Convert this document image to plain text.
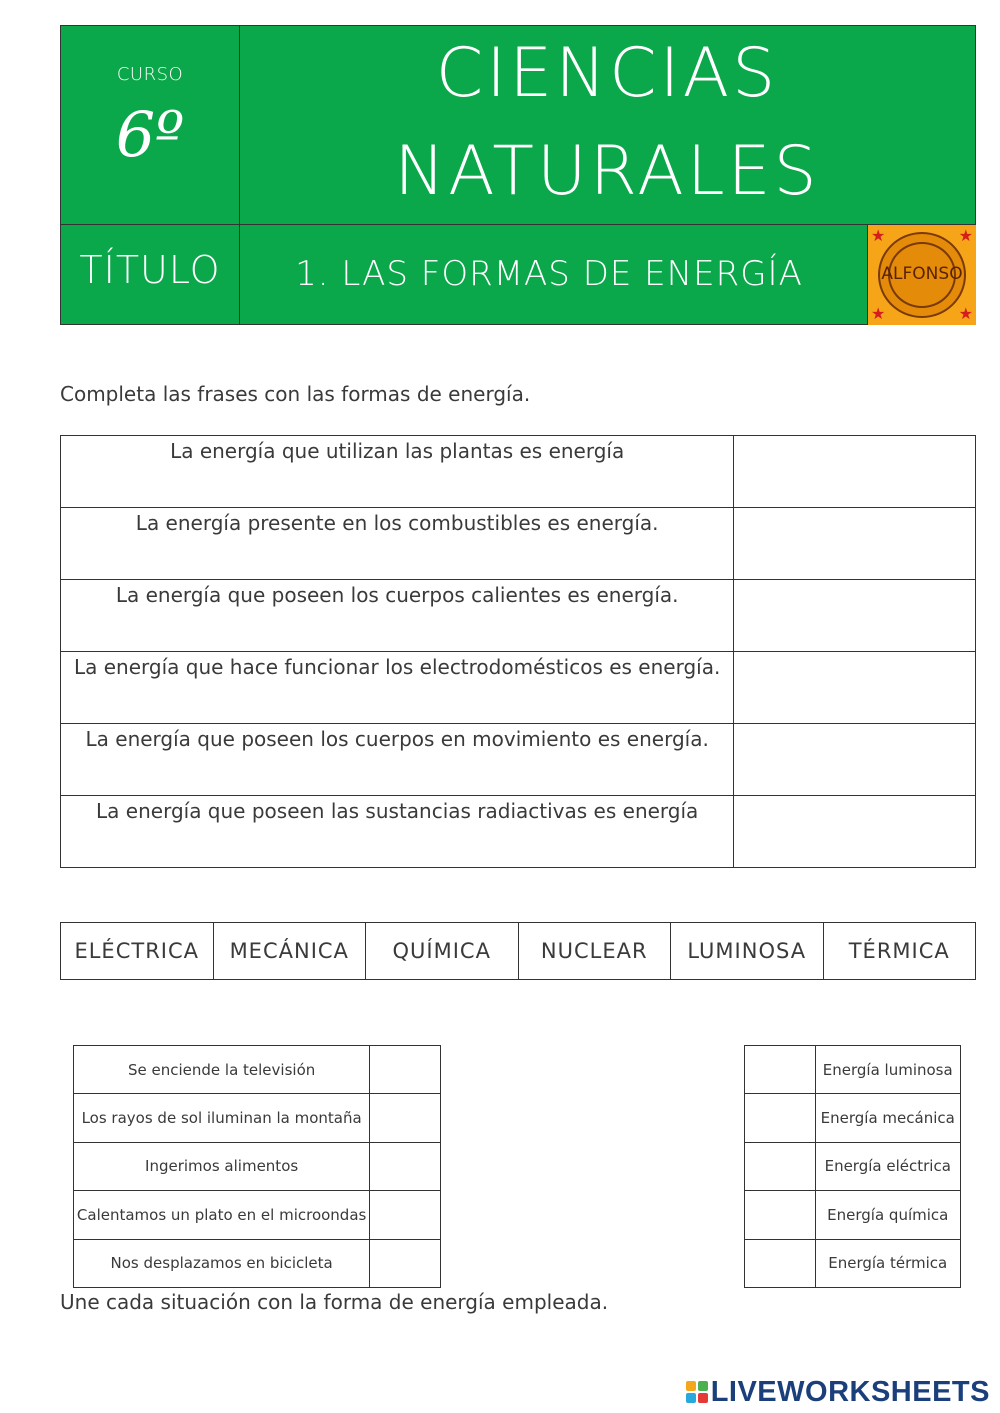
CURSO
6º
CIENCIAS
NATURALES
TÍTULO	1. LAS FORMAS DE ENERGÍA
★	★
★	★
ALFONSO
Completa las frases con las formas de energía.
La energía que utilizan las plantas es energía	
La energía presente en los combustibles es energía.	
La energía que poseen los cuerpos calientes es energía.	
La energía que hace funcionar los electrodomésticos es energía.	
La energía que poseen los cuerpos en movimiento es energía.	
La energía que poseen las sustancias radiactivas es energía	
ELÉCTRICA	MECÁNICA	QUÍMICA	NUCLEAR	LUMINOSA	TÉRMICA
Se enciende la televisión	
Los rayos de sol iluminan la montaña	
Ingerimos alimentos	
Calentamos un plato en el microondas	
Nos desplazamos en bicicleta	
	Energía luminosa
	Energía mecánica
	Energía eléctrica
	Energía química
	Energía térmica
Une cada situación con la forma de energía empleada.
LIVEWORKSHEETS
